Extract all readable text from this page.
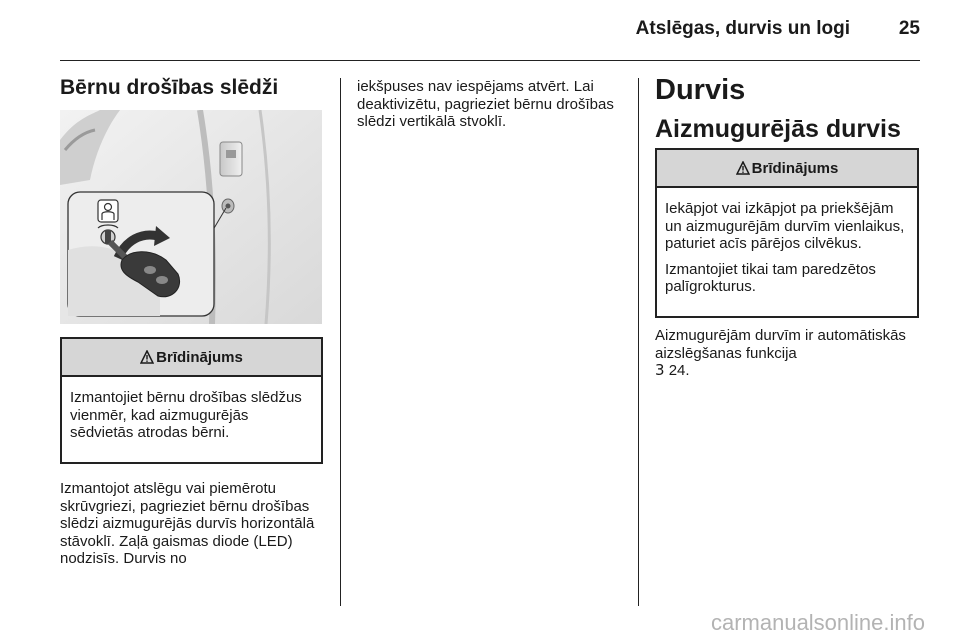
Atslēgas, durvis un logi	25
Bērnu drošības slēdži
Brīdinājums

Izmantojiet bērnu drošības slēdžus vienmēr, kad aizmugurējās sēdvietās atrodas bērni.

Izmantojot atslēgu vai piemērotu skrūvgriezi, pagrieziet bērnu drošības slēdzi aizmugurējās durvīs horizontālā stāvoklī. Zaļā gaismas diode (LED) nodzisīs. Durvis no

iekšpuses nav iespējams atvērt. Lai deaktivizētu, pagrieziet bērnu drošības slēdzi vertikālā stvoklī.

Durvis
Aizmugurējās durvis
Brīdinājums

Iekāpjot vai izkāpjot pa priekšējām un aizmugurējām durvīm vienlaikus, paturiet acīs pārējos cilvēkus.

Izmantojiet tikai tam paredzētos palīgrokturus.

Aizmugurējām durvīm ir automātiskās aizslēgšanas funkcija
3 24.

carmanualsonline.info
